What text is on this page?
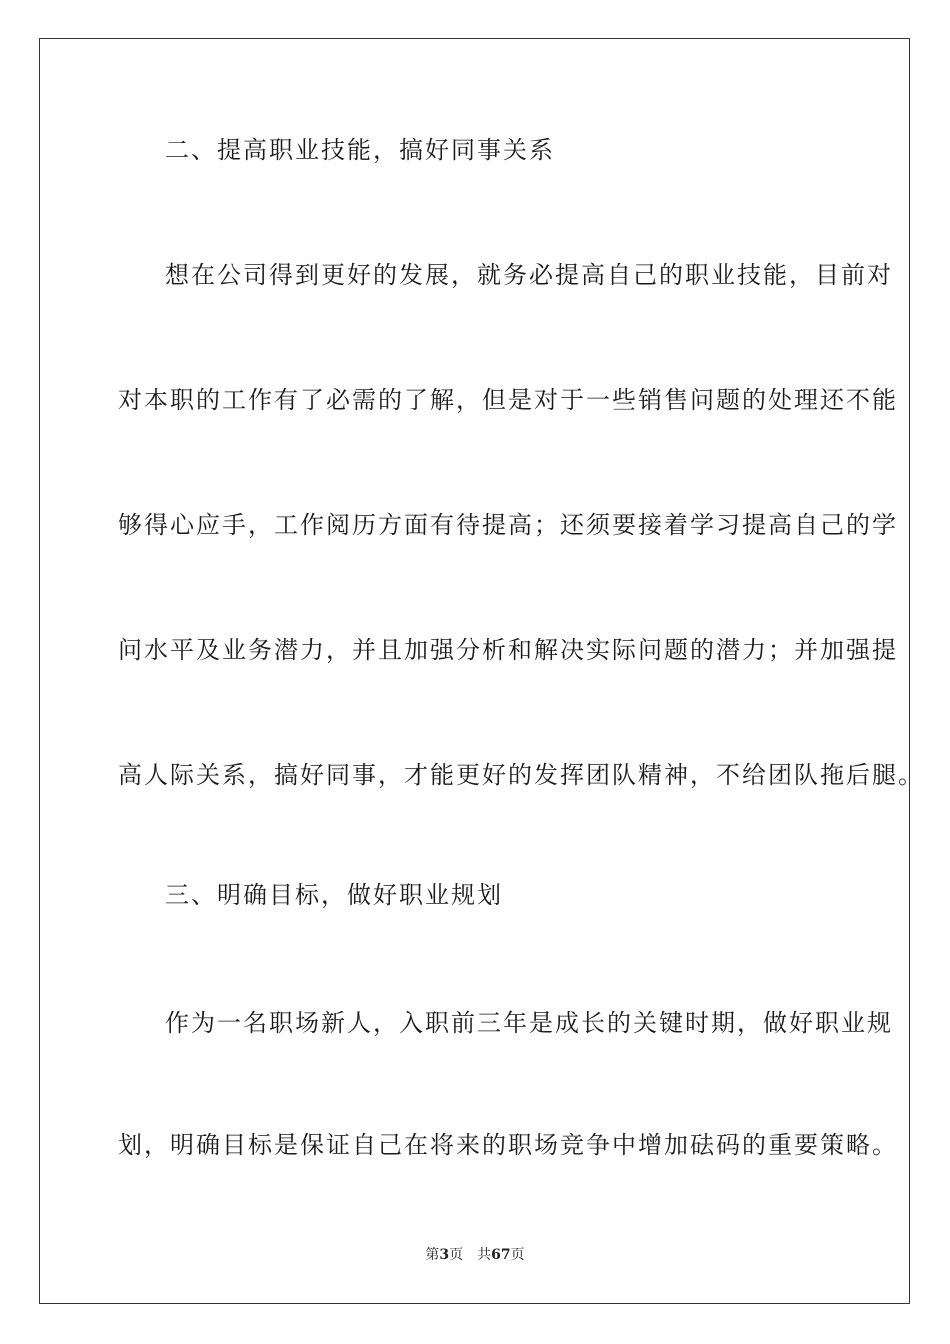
二、提高职业技能，搞好同事关系
想在公司得到更好的发展，就务必提高自己的职业技能，目前对
对本职的工作有了必需的了解，但是对于一些销售问题的处理还不能
够得心应手，工作阅历方面有待提高；还须要接着学习提高自己的学
问水平及业务潜力，并且加强分析和解决实际问题的潜力；并加强提
高人际关系，搞好同事，才能更好的发挥团队精神，不给团队拖后腿。
三、明确目标，做好职业规划
作为一名职场新人，入职前三年是成长的关键时期，做好职业规
划，明确目标是保证自己在将来的职场竞争中增加砝码的重要策略。
第3页 共67页
